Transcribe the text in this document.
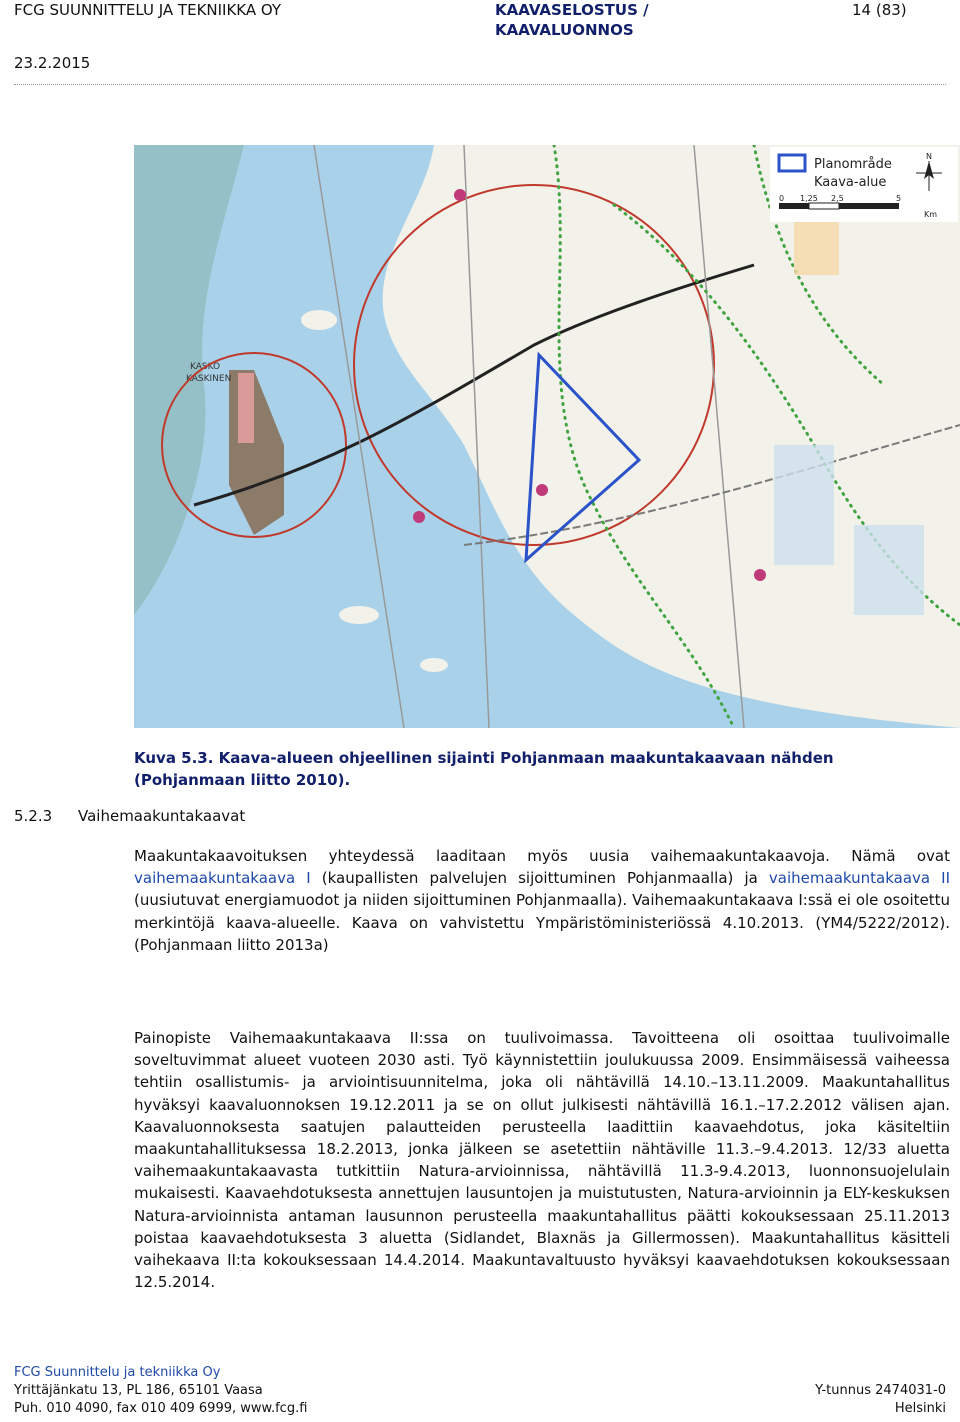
FCG SUUNNITTELU JA TEKNIIKKA OY	KAAVASELOSTUS /
KAAVALUONNOS
14 (83)
23.2.2015
KASKÖ
KASKINEN
Planområde
Kaava-alue
0 1,25 2,5	5
Km
N
Kuva 5.3. Kaava-alueen ohjeellinen sijainti Pohjanmaan maakuntakaavaan nähden
(Pohjanmaan liitto 2010).
5.2.3 Vaihemaakuntakaavat
Maakuntakaavoituksen yhteydessä laaditaan myös uusia vaihemaakuntakaavoja. Nämä ovat vaihemaakuntakaava I (kaupallisten palvelujen sijoittuminen Pohjanmaalla) ja vaihemaakuntakaava II (uusiutuvat energiamuodot ja niiden sijoittuminen Pohjanmaalla). Vaihemaakuntakaava I:ssä ei ole osoitettu merkintöjä kaava-alueelle. Kaava on vahvistettu Ympäristöministeriössä 4.10.2013. (YM4/5222/2012). (Pohjanmaan liitto 2013a)
Painopiste Vaihemaakuntakaava II:ssa on tuulivoimassa. Tavoitteena oli osoittaa tuulivoimalle soveltuvimmat alueet vuoteen 2030 asti. Työ käynnistettiin joulukuussa 2009. Ensimmäisessä vaiheessa tehtiin osallistumis- ja arviointisuunnitelma, joka oli nähtävillä 14.10.–13.11.2009. Maakuntahallitus hyväksyi kaavaluonnoksen 19.12.2011 ja se on ollut julkisesti nähtävillä 16.1.–17.2.2012 välisen ajan. Kaavaluonnoksesta saatujen palautteiden perusteella laadittiin kaavaehdotus, joka käsiteltiin maakuntahallituksessa 18.2.2013, jonka jälkeen se asetettiin nähtäville 11.3.–9.4.2013. 12/33 aluetta vaihemaakuntakaavasta tutkittiin Natura-arvioinnissa, nähtävillä 11.3-9.4.2013, luonnonsuojelulain mukaisesti. Kaavaehdotuksesta annettujen lausuntojen ja muistutusten, Natura-arvioinnin ja ELY-keskuksen Natura-arvioinnista antaman lausunnon perusteella maakuntahallitus päätti kokouksessaan 25.11.2013 poistaa kaavaehdotuksesta 3 aluetta (Sidlandet, Blaxnäs ja Gillermossen). Maakuntahallitus käsitteli vaihekaava II:ta kokouksessaan 14.4.2014. Maakuntavaltuusto hyväksyi kaavaehdotuksen kokouksessaan 12.5.2014.
FCG Suunnittelu ja tekniikka Oy
Yrittäjänkatu 13, PL 186, 65101 Vaasa	Y-tunnus 2474031-0
Puh. 010 4090, fax 010 409 6999, www.fcg.fi	Helsinki
